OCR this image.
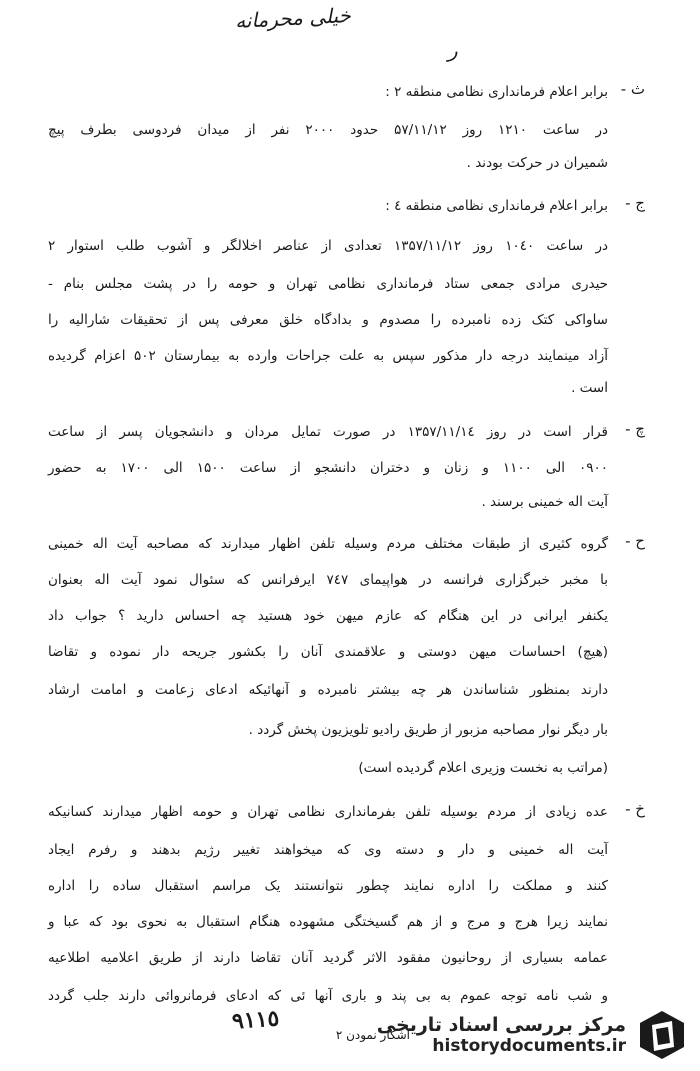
خیلی محرمانه
ر
ث -
برابر اعلام فرمانداری نظامی منطقه ۲ :
در ساعت ۱۲۱۰ روز ۵۷/۱۱/۱۲ حدود ۲۰۰۰ نفر از میدان فردوسی بطرف پیچ
شمیران در حرکت بودند .
ج -
برابر اعلام فرمانداری نظامی منطقه ٤ :
در ساعت ۱۰٤۰ روز ۱۳۵۷/۱۱/۱۲ تعدادی از عناصر اخلالگر و آشوب طلب استوار ۲
حیدری مرادی جمعی ستاد فرمانداری نظامی تهران و حومه را در پشت مجلس بنام -
ساواکی کتک زده نامبرده را مصدوم و بدادگاه خلق معرفی پس از تحقیقات شاراليه را
آزاد مینمایند درجه دار مذکور سپس به علت جراحات وارده به بیمارستان ۵۰۲ اعزام گردیده
است .
چ -
قرار است در روز ۱۳۵۷/۱۱/۱٤ در صورت تمایل مردان و دانشجویان پسر از ساعت
۰۹۰۰ الی ۱۱۰۰ و زنان و دختران دانشجو از ساعت ۱۵۰۰ الی ۱۷۰۰ به حضور
آیت اله خمینی برسند .
ح -
گروه کثیری از طبقات مختلف مردم وسیله تلفن اظهار میدارند که مصاحبه آیت اله خمینی
با مخبر خبرگزاری فرانسه در هواپیمای ۷٤۷ ایرفرانس که سئوال نمود آیت اله بعنوان
یکنفر ایرانی در این هنگام که عازم میهن خود هستید چه احساس دارید ؟ جواب داد
(هیچ) احساسات میهن دوستی و علاقمندی آنان را بکشور جریحه دار نموده و تقاضا
دارند بمنظور شناساندن هر چه بیشتر نامبرده و آنهائیکه ادعای زعامت و امامت ارشاد
بار دیگر نوار مصاحبه مزبور از طریق رادیو تلویزیون پخش گردد .
(مراتب به نخست وزیری اعلام گردیده است)
خ -
عده زیادی از مردم بوسیله تلفن بفرمانداری نظامی تهران و حومه اظهار میدارند کسانیکه
آیت اله خمینی و دار و دسته وی که میخواهند تغییر رژیم بدهند و رفرم ایجاد
کنند و مملکت را اداره نمایند چطور نتوانستند یک مراسم استقبال ساده را اداره
نمایند زیرا هرج و مرج و از هم گسیختگی مشهوده هنگام استقبال به نحوی بود که عبا و
عمامه بسیاری از روحانیون مفقود الاثر گردید آنان تقاضا دارند از طریق اعلامیه اطلاعیه
و شب نامه توجه عموم به بی پند و باری آنها ئی که ادعای فرمانروائی دارند جلب گردد
٩١١٥
آشکار نمودن ۲
مرکز بررسی اسناد تاریخی
historydocuments.ir
